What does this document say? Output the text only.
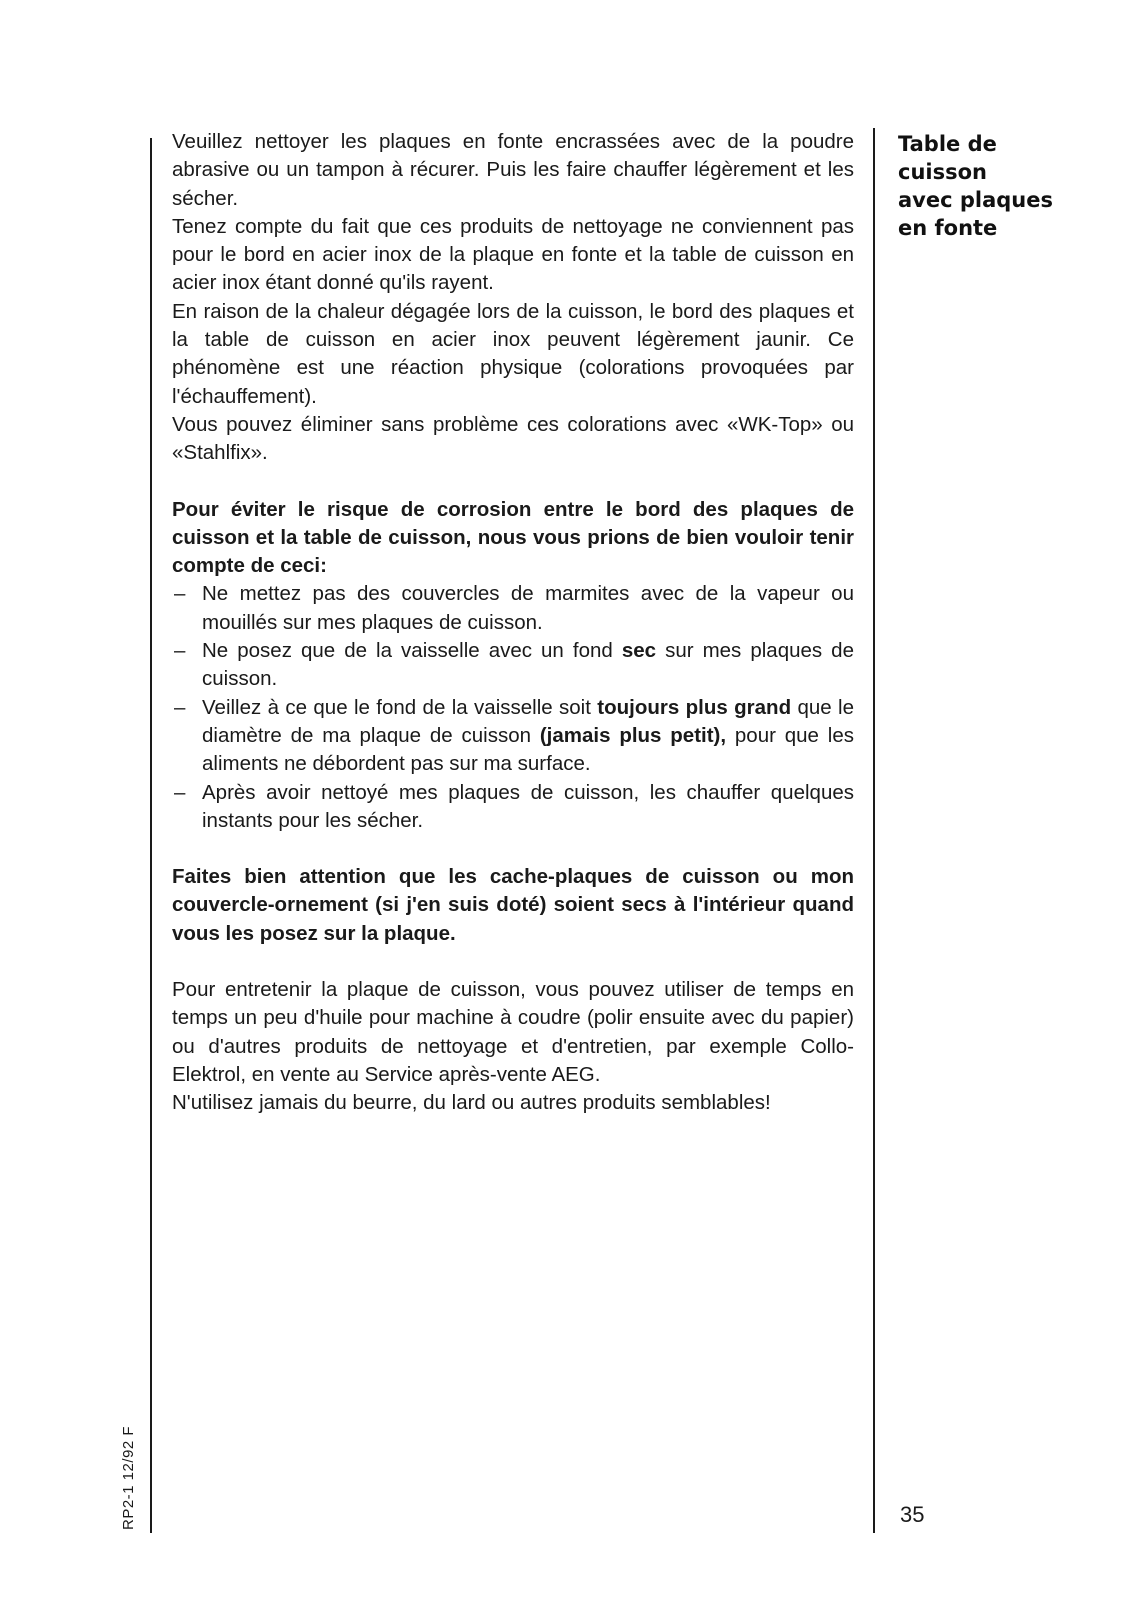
Veuillez nettoyer les plaques en fonte encrassées avec de la poudre abrasive ou un tampon à récurer. Puis les faire chauffer légèrement et les sécher.

Tenez compte du fait que ces produits de nettoyage ne conviennent pas pour le bord en acier inox de la plaque en fonte et la table de cuisson en acier inox étant donné qu'ils rayent.

En raison de la chaleur dégagée lors de la cuisson, le bord des plaques et la table de cuisson en acier inox peuvent légèrement jaunir. Ce phénomène est une réaction physique (colorations provoquées par l'échauffement).

Vous pouvez éliminer sans problème ces colorations avec «WK-Top» ou «Stahlfix».

Pour éviter le risque de corrosion entre le bord des plaques de cuisson et la table de cuisson, nous vous prions de bien vouloir tenir compte de ceci:

– Ne mettez pas des couvercles de marmites avec de la vapeur ou mouillés sur mes plaques de cuisson.
– Ne posez que de la vaisselle avec un fond sec sur mes plaques de cuisson.
– Veillez à ce que le fond de la vaisselle soit toujours plus grand que le diamètre de ma plaque de cuisson (jamais plus petit), pour que les aliments ne débordent pas sur ma surface.
– Après avoir nettoyé mes plaques de cuisson, les chauffer quelques instants pour les sécher.

Faites bien attention que les cache-plaques de cuisson ou mon couvercle-ornement (si j'en suis doté) soient secs à l'intérieur quand vous les posez sur la plaque.

Pour entretenir la plaque de cuisson, vous pouvez utiliser de temps en temps un peu d'huile pour machine à coudre (polir ensuite avec du papier) ou d'autres produits de nettoyage et d'entretien, par exemple Collo-Elektrol, en vente au Service après-vente AEG.

N'utilisez jamais du beurre, du lard ou autres produits semblables!

Table de
cuisson
avec plaques
en fonte
35
RP2-1 12/92 F
